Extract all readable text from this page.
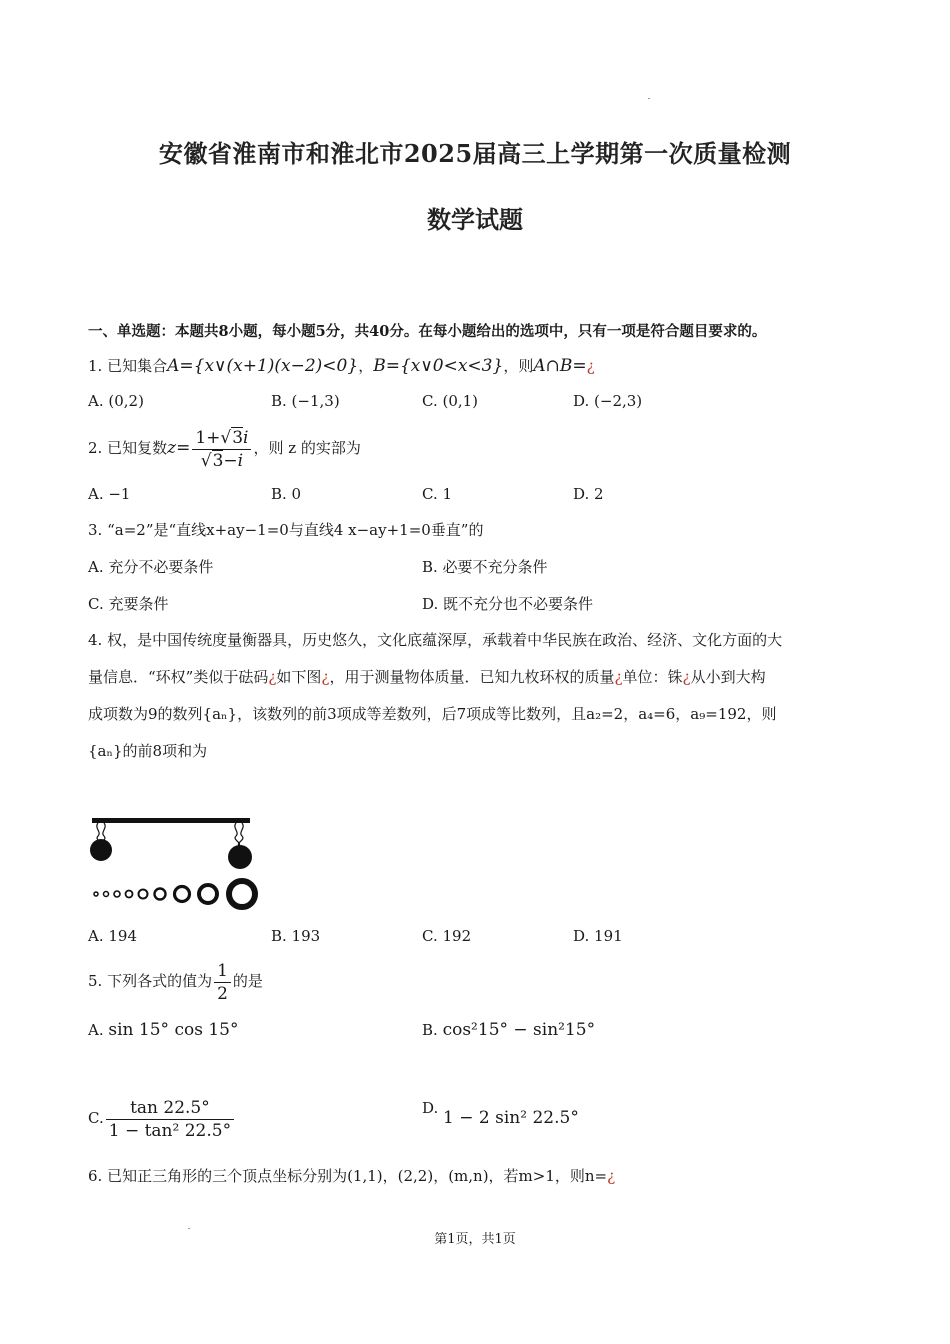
安徽省淮南市和淮北市2025届高三上学期第一次质量检测
数学试题
一、单选题：本题共8小题，每小题5分，共40分。在每小题给出的选项中，只有一项是符合题目要求的。
1. 已知集合A={x∨(x+1)(x−2)<0}，B={x∨0<x<3}，则A∩B=¿
A. (0,2)	B. (−1,3)	C. (0,1)	D. (−2,3)
2. 已知复数$z= \frac{1+√3i}{√3-i}$ ，则 z 的实部为
A. −1	B. 0	C. 1	D. 2
3. “a=2”是“直线x+ay−1=0与直线4 x−ay+1=0垂直”的
A. 充分不必要条件	B. 必要不充分条件
C. 充要条件	D. 既不充分也不必要条件
4. 权，是中国传统度量衡器具，历史悠久，文化底蕴深厚，承载着中华民族在政治、经济、文化方面的大
量信息．“环权”类似于砝码¿如下图¿，用于测量物体质量．已知九枚环权的质量¿单位：铢¿从小到大构
成项数为9的数列{aₙ}，该数列的前3项成等差数列，后7项成等比数列，且a₂=2，a₄=6，a₉=192，则
{aₙ}的前8项和为
A. 194	B. 193	C. 192	D. 191
5. 下列各式的值为 $\frac{1}{2}$ 的是
A. sin 15° cos 15°	B. cos²15° − sin²15°
C. $\frac{\tan 22.5^\circ}{\text{1 − tan² 22.5°}}$	D. 1 − 2 sin² 22.5°
6. 已知正三角形的三个顶点坐标分别为(1,1)，(2,2)，(m,n)，若m>1，则n=¿
第1页，共1页
